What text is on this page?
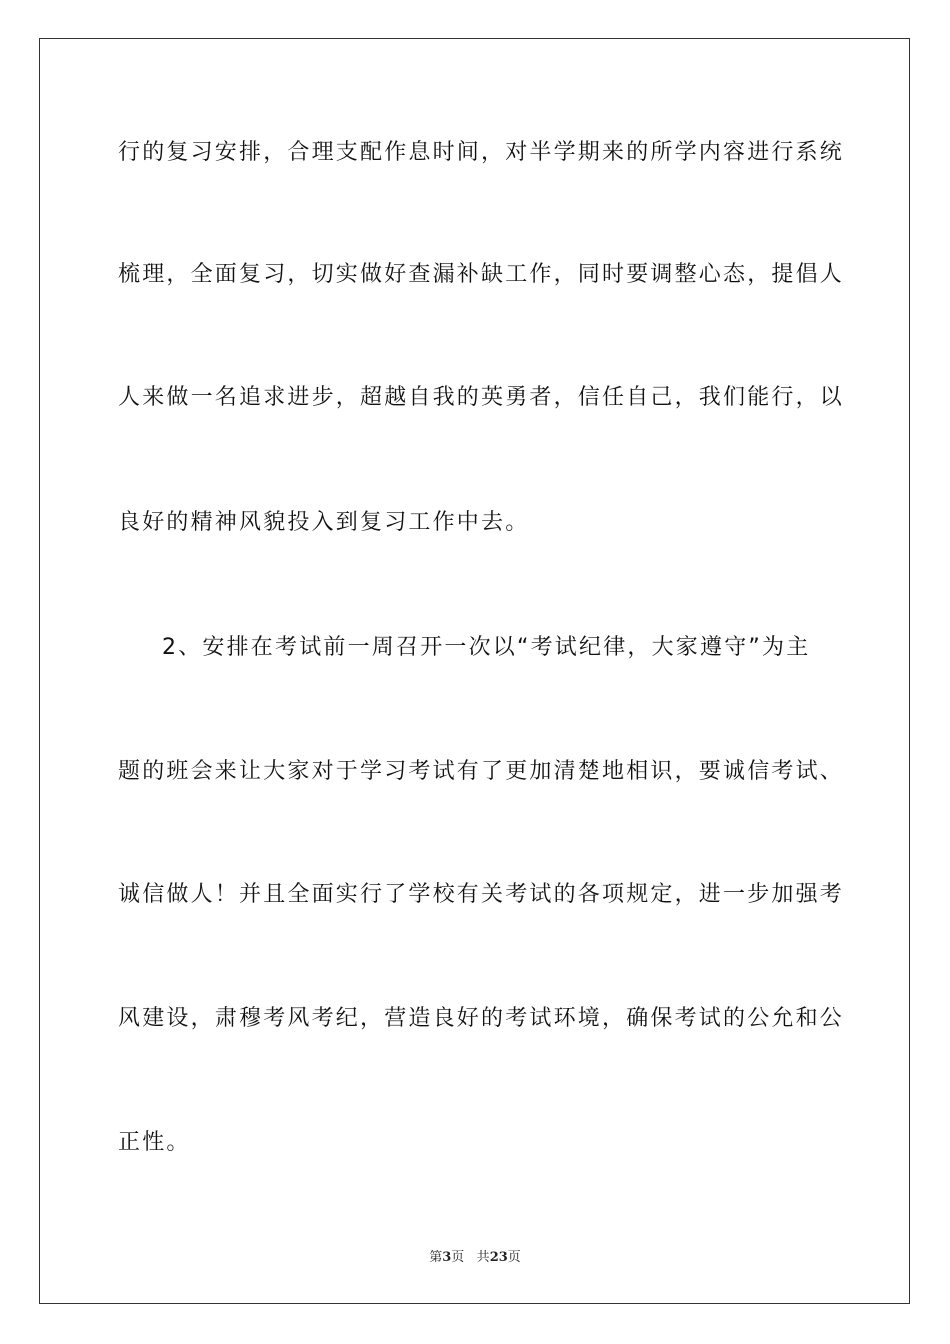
行的复习安排，合理支配作息时间，对半学期来的所学内容进行系统
梳理，全面复习，切实做好查漏补缺工作，同时要调整心态，提倡人
人来做一名追求进步，超越自我的英勇者，信任自己，我们能行，以
良好的精神风貌投入到复习工作中去。
2、安排在考试前一周召开一次以“考试纪律，大家遵守”为主
题的班会来让大家对于学习考试有了更加清楚地相识，要诚信考试、
诚信做人！并且全面实行了学校有关考试的各项规定，进一步加强考
风建设，肃穆考风考纪，营造良好的考试环境，确保考试的公允和公
正性。
第3页 共23页
